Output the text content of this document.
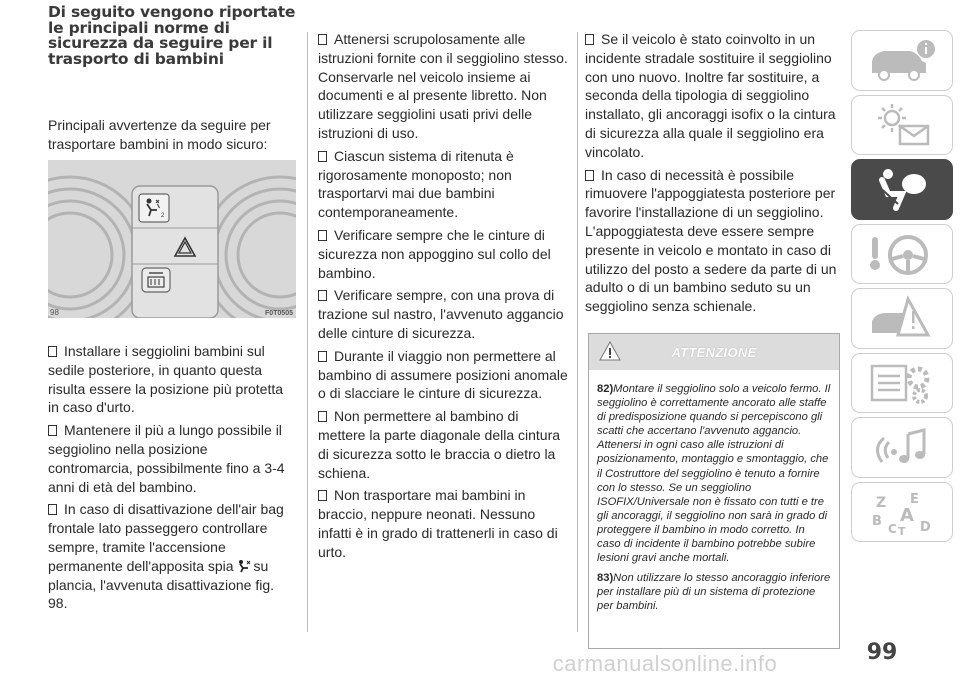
Di seguito vengono riportate le principali norme di sicurezza da seguire per il trasporto di bambini

Principali avvertenze da seguire per trasportare bambini in modo sicuro:

2
98	F0T0505

Installare i seggiolini bambini sul sedile posteriore, in quanto questa risulta essere la posizione più protetta in caso d'urto.

Mantenere il più a lungo possibile il seggiolino nella posizione contromarcia, possibilmente fino a 3-4 anni di età del bambino.

In caso di disattivazione dell'air bag frontale lato passeggero controllare sempre, tramite l'accensione permanente dell'apposita spia su plancia, l'avvenuta disattivazione fig. 98.

Attenersi scrupolosamente alle istruzioni fornite con il seggiolino stesso. Conservarle nel veicolo insieme ai documenti e al presente libretto. Non utilizzare seggiolini usati privi delle istruzioni di uso.

Ciascun sistema di ritenuta è rigorosamente monoposto; non trasportarvi mai due bambini contemporaneamente.

Verificare sempre che le cinture di sicurezza non appoggino sul collo del bambino.

Verificare sempre, con una prova di trazione sul nastro, l'avvenuto aggancio delle cinture di sicurezza.

Durante il viaggio non permettere al bambino di assumere posizioni anomale o di slacciare le cinture di sicurezza.

Non permettere al bambino di mettere la parte diagonale della cintura di sicurezza sotto le braccia o dietro la schiena.

Non trasportare mai bambini in braccio, neppure neonati. Nessuno infatti è in grado di trattenerli in caso di urto.

Se il veicolo è stato coinvolto in un incidente stradale sostituire il seggiolino con uno nuovo. Inoltre far sostituire, a seconda della tipologia di seggiolino installato, gli ancoraggi isofix o la cintura di sicurezza alla quale il seggiolino era vincolato.

In caso di necessità è possibile rimuovere l'appoggiatesta posteriore per favorire l'installazione di un seggiolino. L'appoggiatesta deve essere sempre presente in veicolo e montato in caso di utilizzo del posto a sedere da parte di un adulto o di un bambino seduto su un seggiolino senza schienale.

ATTENZIONE

82)Montare il seggiolino solo a veicolo fermo. Il seggiolino è correttamente ancorato alle staffe di predisposizione quando si percepiscono gli scatti che accertano l'avvenuto aggancio. Attenersi in ogni caso alle istruzioni di posizionamento, montaggio e smontaggio, che il Costruttore del seggiolino è tenuto a fornire con lo stesso. Se un seggiolino ISOFIX/Universale non è fissato con tutti e tre gli ancoraggi, il seggiolino non sarà in grado di proteggere il bambino in modo corretto. In caso di incidente il bambino potrebbe subire lesioni gravi anche mortali.

83)Non utilizzare lo stesso ancoraggio inferiore per installare più di un sistema di protezione per bambini.

Z E
B A
C D
T
99
carmanualsonline.info
